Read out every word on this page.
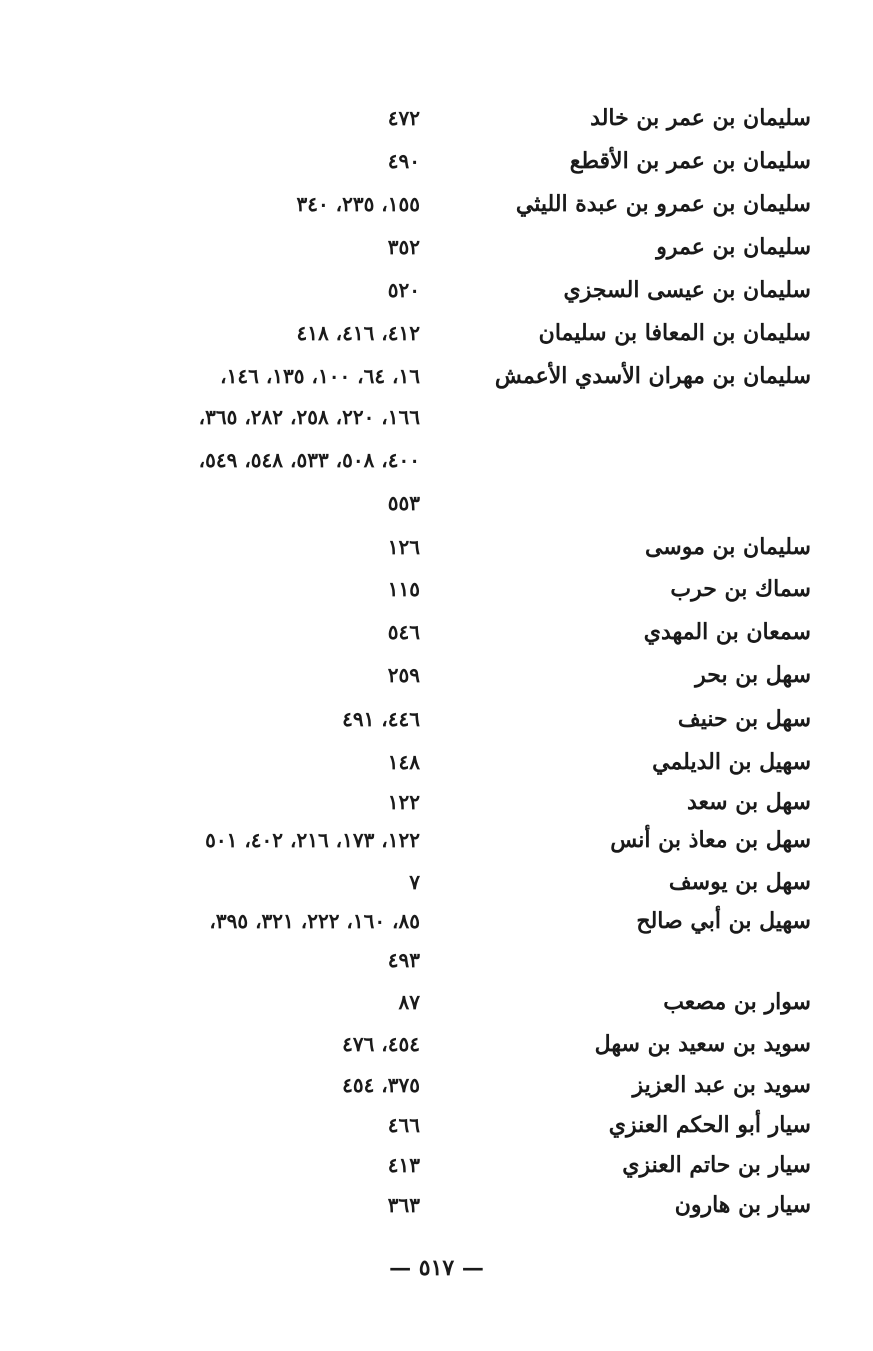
سليمان بن عمر بن خالد
٤٧٢
سليمان بن عمر بن الأقطع
٤٩٠
سليمان بن عمرو بن عبدة الليثي
١٥٥، ٢٣٥، ٣٤٠
سليمان بن عمرو
٣٥٢
سليمان بن عيسى السجزي
٥٢٠
سليمان بن المعافا بن سليمان
٤١٢، ٤١٦، ٤١٨
سليمان بن مهران الأسدي الأعمش
١٦، ٦٤، ١٠٠، ١٣٥، ١٤٦،
١٦٦، ٢٢٠، ٢٥٨، ٢٨٢، ٣٦٥،
٤٠٠، ٥٠٨، ٥٣٣، ٥٤٨، ٥٤٩،
٥٥٣
سليمان بن موسى
١٢٦
سماك بن حرب
١١٥
سمعان بن المهدي
٥٤٦
سهل بن بحر
٢٥٩
سهل بن حنيف
٤٤٦، ٤٩١
سهيل بن الديلمي
١٤٨
سهل بن سعد
١٢٢
سهل بن معاذ بن أنس
١٢٢، ١٧٣، ٢١٦، ٤٠٢، ٥٠١
سهل بن يوسف
٧
سهيل بن أبي صالح
٨٥، ١٦٠، ٢٢٢، ٣٢١، ٣٩٥،
٤٩٣
سوار بن مصعب
٨٧
سويد بن سعيد بن سهل
٤٥٤، ٤٧٦
سويد بن عبد العزيز
٣٧٥، ٤٥٤
سيار أبو الحكم العنزي
٤٦٦
سيار بن حاتم العنزي
٤١٣
سيار بن هارون
٣٦٣
— ٥١٧ —
